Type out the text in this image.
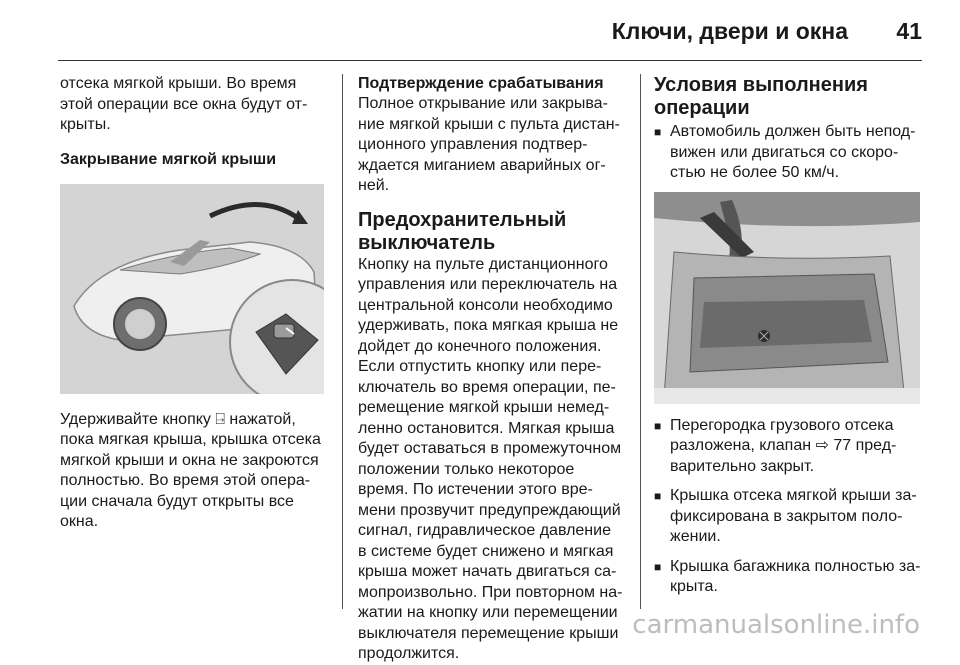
Ключи, двери и окна 41
отсека мягкой крыши. Во время
этой операции все окна будут от-
крыты.
Закрывание мягкой крыши
Удерживайте кнопку ⍈ нажатой,
пока мягкая крыша, крышка отсека
мягкой крыши и окна не закроются
полностью. Во время этой опера-
ции сначала будут открыты все
окна.
Подтверждение срабатывания
Полное открывание или закрыва-
ние мягкой крыши с пульта дистан-
ционного управления подтвер-
ждается миганием аварийных ог-
ней.
Предохранительный
выключатель
Кнопку на пульте дистанционного
управления или переключатель на
центральной консоли необходимо
удерживать, пока мягкая крыша не
дойдет до конечного положения.
Если отпустить кнопку или пере-
ключатель во время операции, пе-
ремещение мягкой крыши немед-
ленно остановится. Мягкая крыша
будет оставаться в промежуточном
положении только некоторое
время. По истечении этого вре-
мени прозвучит предупреждающий
сигнал, гидравлическое давление
в системе будет снижено и мягкая
крыша может начать двигаться са-
мопроизвольно. При повторном на-
жатии на кнопку или перемещении
выключателя перемещение крыши
продолжится.
Условия выполнения
операции
■ Автомобиль должен быть непод-
вижен или двигаться со скоро-
стью не более 50 км/ч.
■ Перегородка грузового отсека
разложена, клапан ⇨ 77 пред-
варительно закрыт.
■ Крышка отсека мягкой крыши за-
фиксирована в закрытом поло-
жении.
■ Крышка багажника полностью за-
крыта.
carmanualsonline.info
